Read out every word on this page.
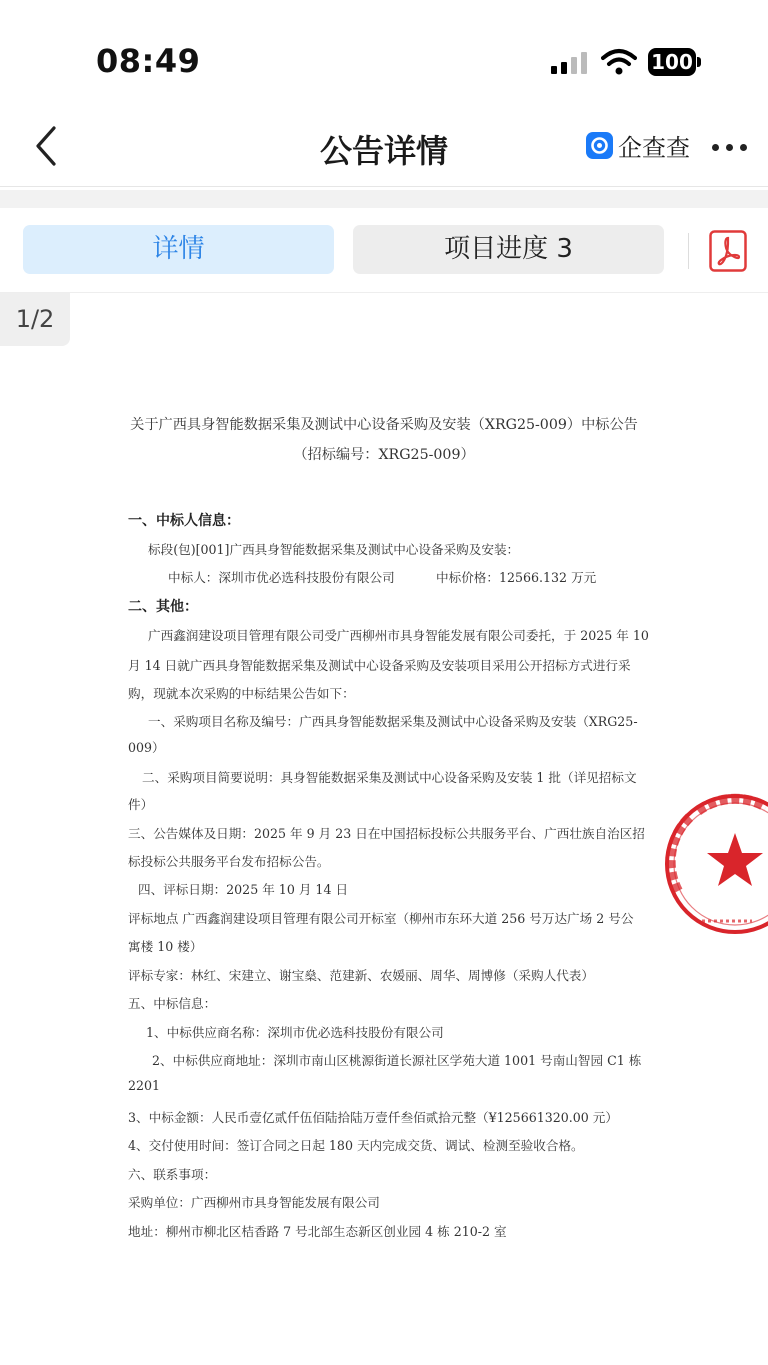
08:49	100
公告详情	企查查
详情	项目进度 3
1/2
关于广西具身智能数据采集及测试中心设备采购及安装（XRG25-009）中标公告
（招标编号：XRG25-009）
一、中标人信息：
标段(包)[001]广西具身智能数据采集及测试中心设备采购及安装：
中标人：深圳市优必选科技股份有限公司	中标价格：12566.132 万元
二、其他：
广西鑫润建设项目管理有限公司受广西柳州市具身智能发展有限公司委托，于 2025 年 10
月 14 日就广西具身智能数据采集及测试中心设备采购及安装项目采用公开招标方式进行采
购，现就本次采购的中标结果公告如下：
一、采购项目名称及编号：广西具身智能数据采集及测试中心设备采购及安装（XRG25-
009）
二、采购项目简要说明：具身智能数据采集及测试中心设备采购及安装 1 批（详见招标文
件）
三、公告媒体及日期：2025 年 9 月 23 日在中国招标投标公共服务平台、广西壮族自治区招
标投标公共服务平台发布招标公告。
四、评标日期：2025 年 10 月 14 日
评标地点 广西鑫润建设项目管理有限公司开标室（柳州市东环大道 256 号万达广场 2 号公
寓楼 10 楼）
评标专家：林红、宋建立、谢宝燊、范建新、农媛丽、周华、周博修（采购人代表）
五、中标信息：
1、中标供应商名称：深圳市优必选科技股份有限公司
2、中标供应商地址：深圳市南山区桃源街道长源社区学苑大道 1001 号南山智园 C1 栋
2201
3、中标金额：人民币壹亿贰仟伍佰陆拾陆万壹仟叁佰贰拾元整（¥125661320.00 元）
4、交付使用时间：签订合同之日起 180 天内完成交货、调试、检测至验收合格。
六、联系事项：
采购单位：广西柳州市具身智能发展有限公司
地址：柳州市柳北区桔香路 7 号北部生态新区创业园 4 栋 210-2 室
